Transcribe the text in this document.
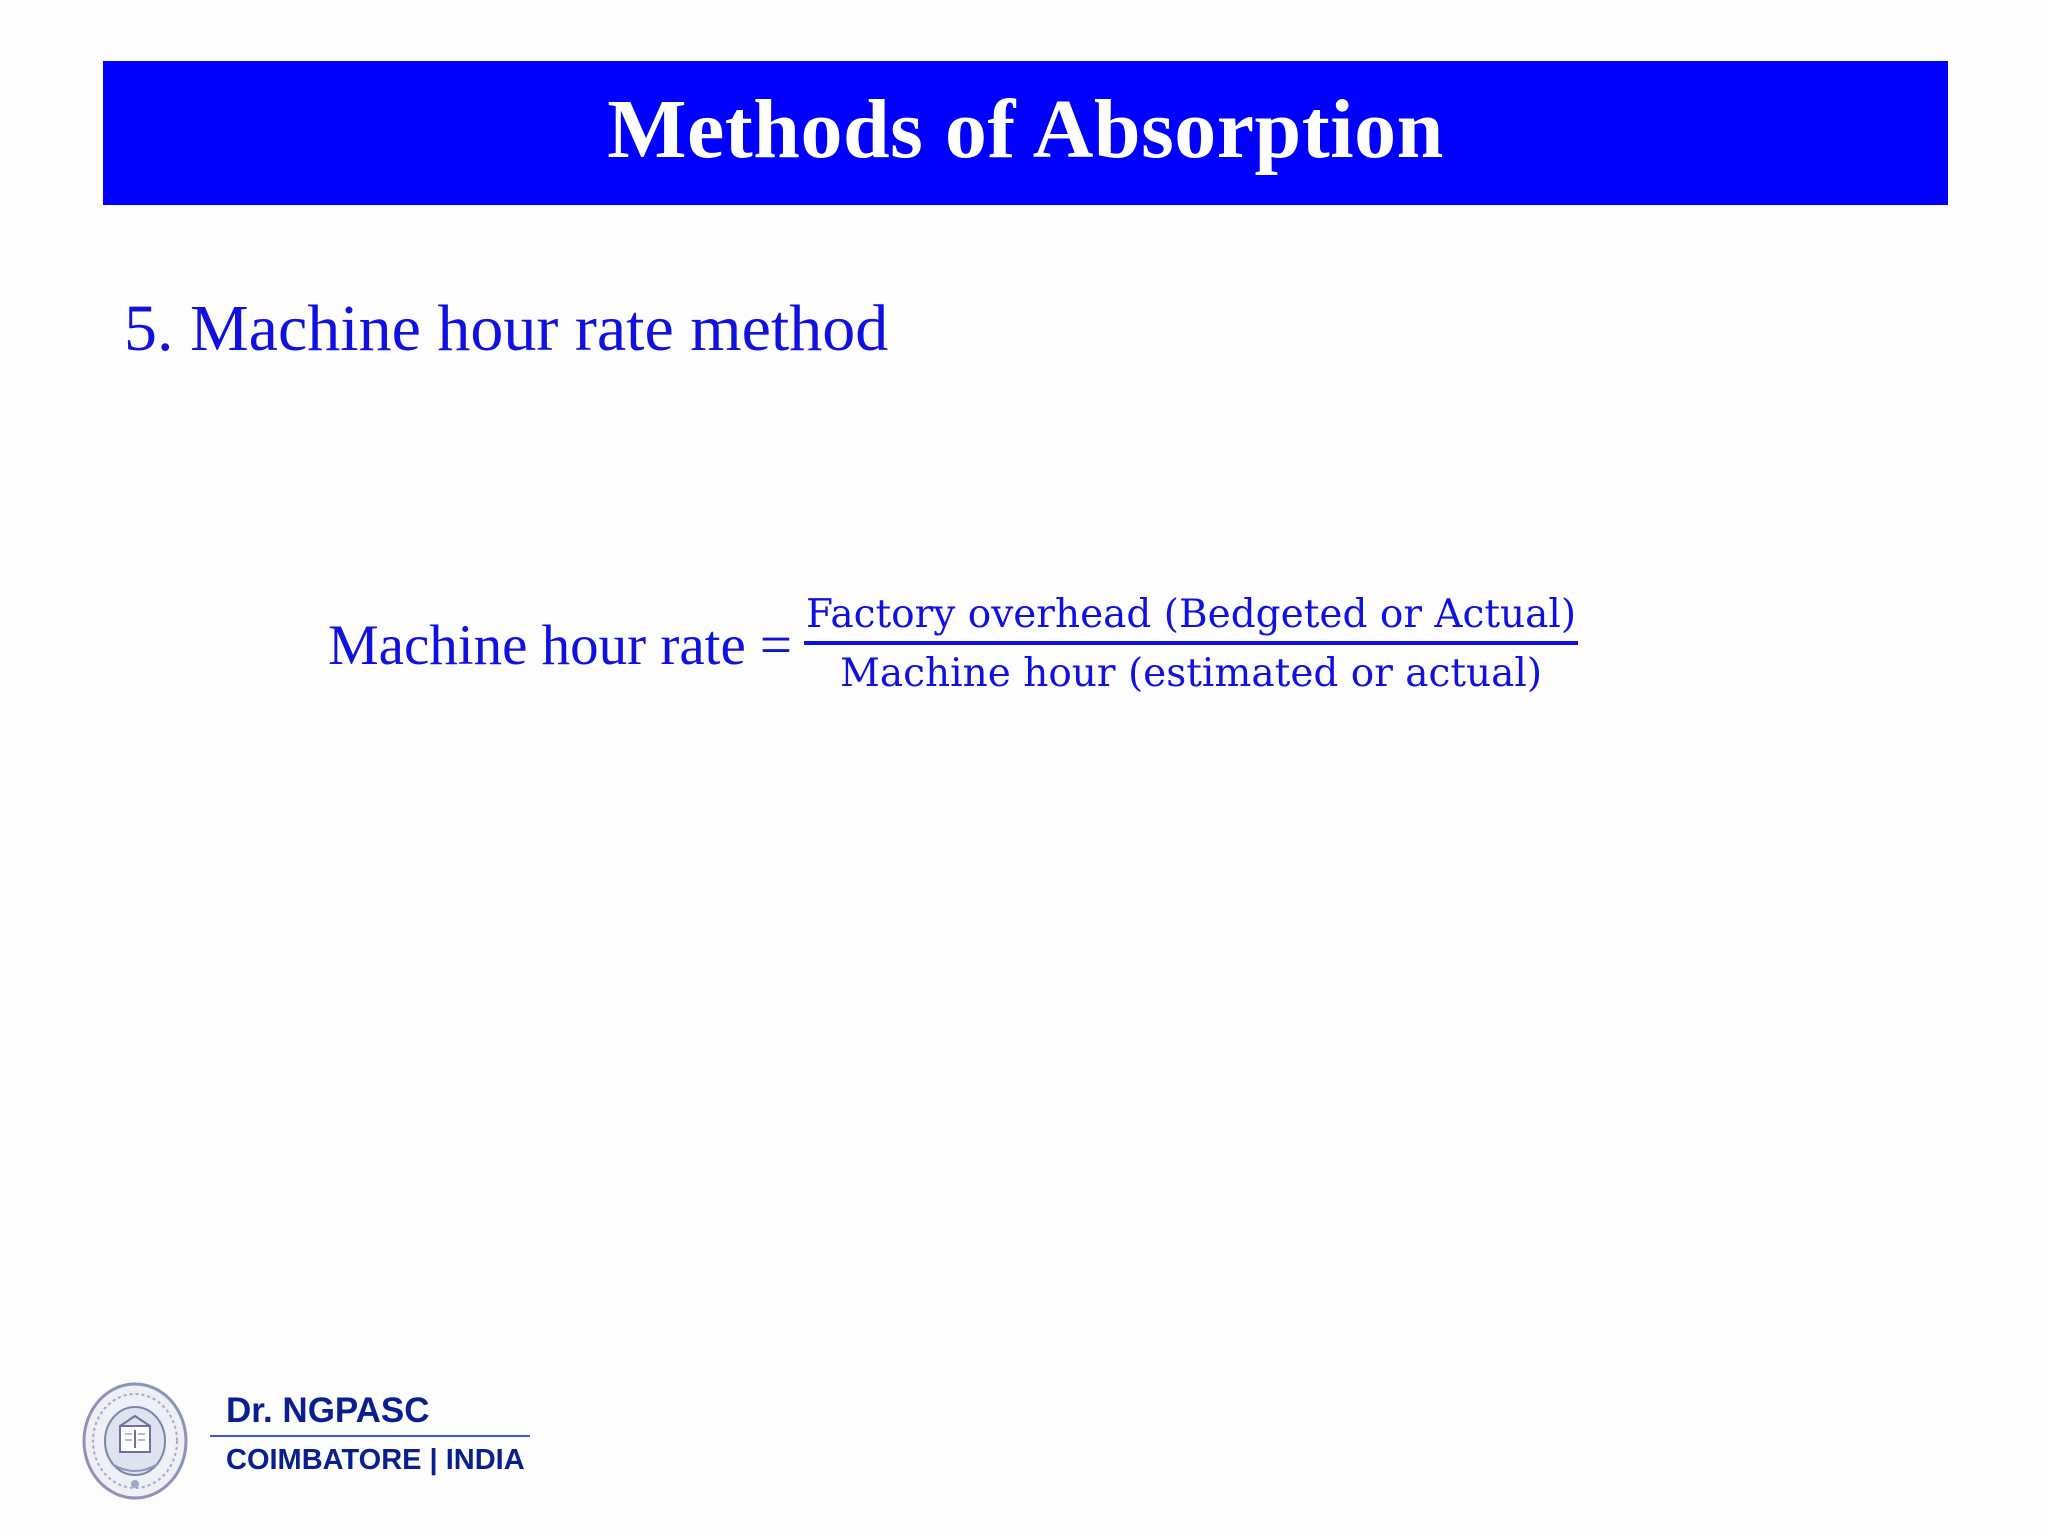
Methods of Absorption
5. Machine hour rate method
Machine hour rate = $\frac{\text{Factory overhead (Bedgeted or Actual)}}{\text{Machine hour (estimated or actual)}}$
Dr. NGPASC
COIMBATORE | INDIA
